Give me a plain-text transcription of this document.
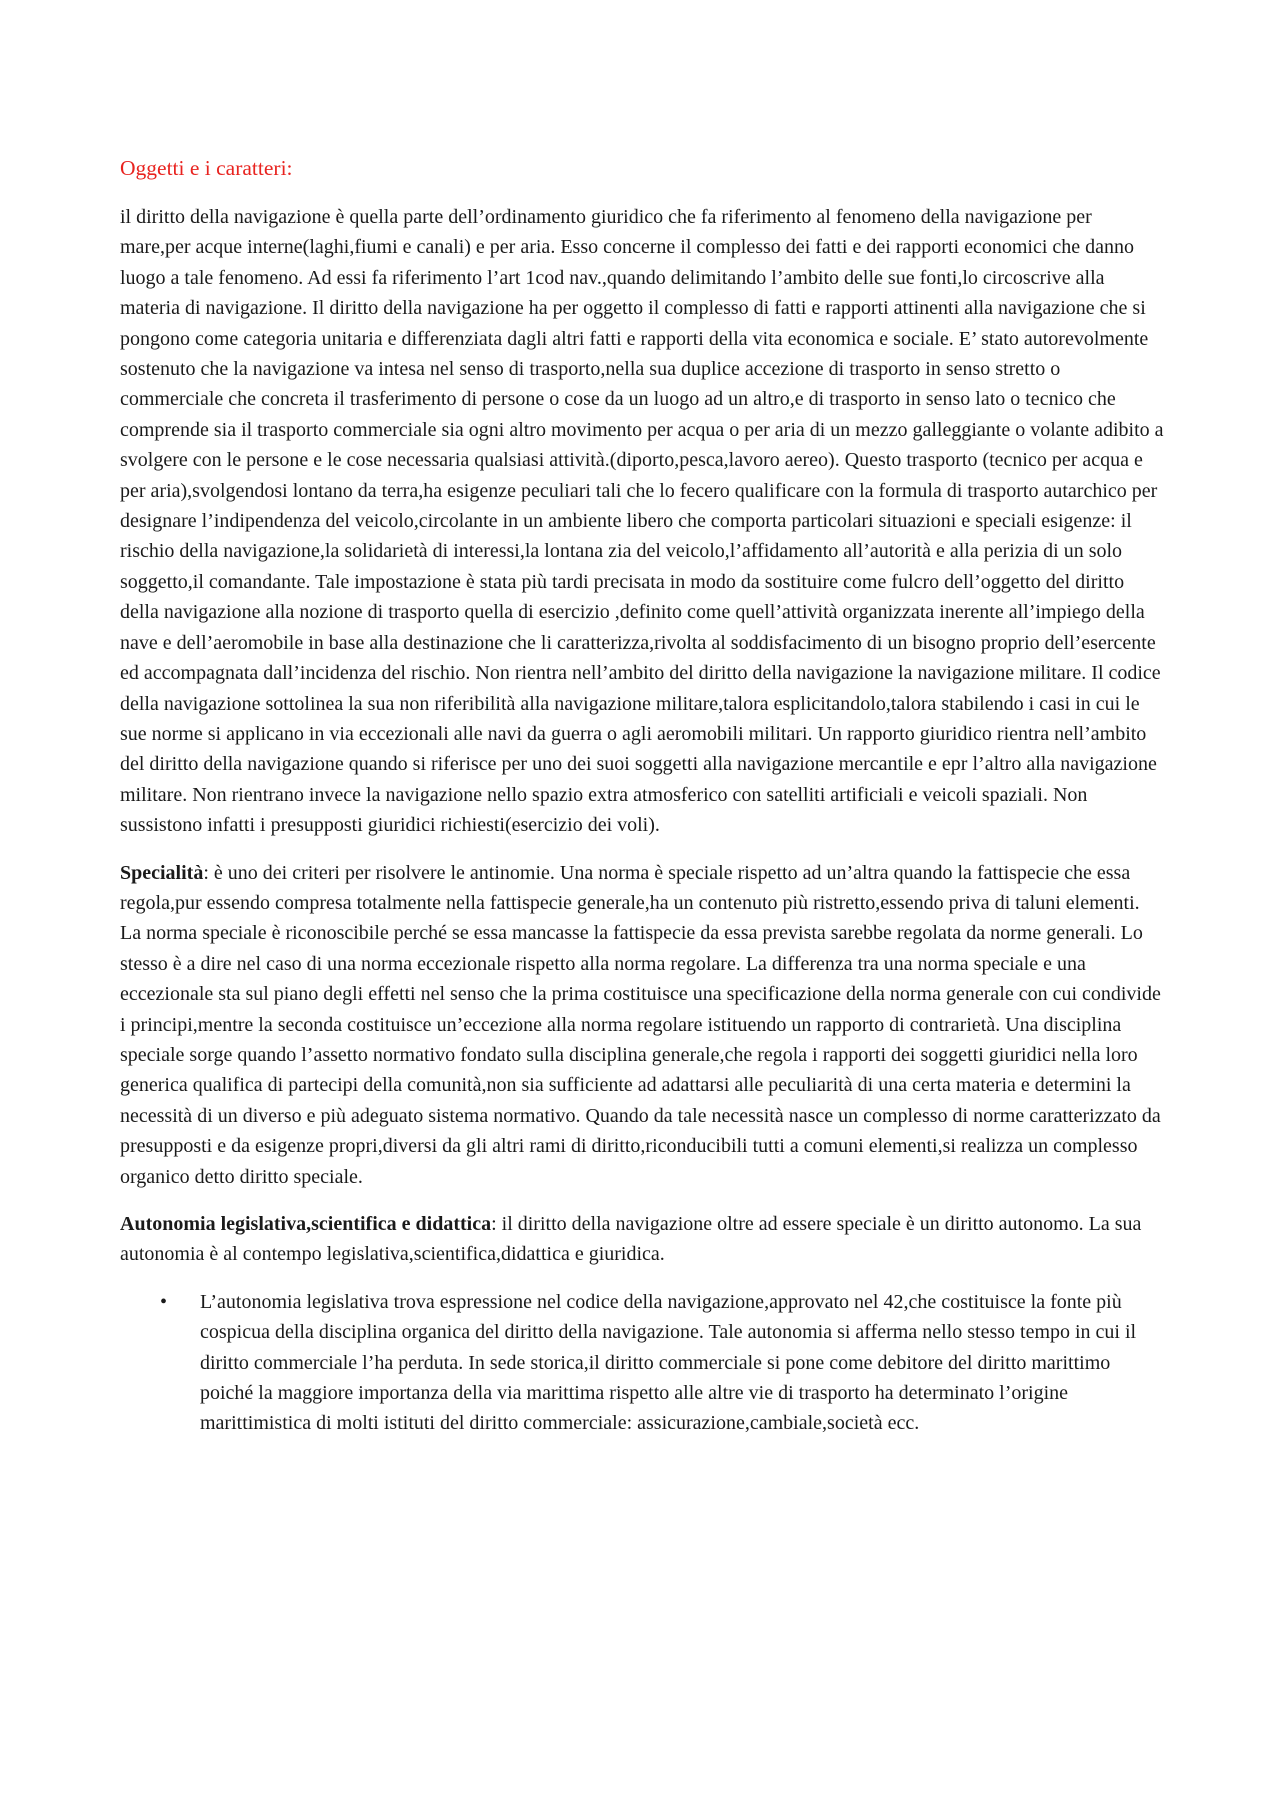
Oggetti e i caratteri:

il diritto della navigazione è quella parte dell’ordinamento giuridico che fa riferimento al fenomeno della navigazione per mare,per acque interne(laghi,fiumi e canali) e per aria. Esso concerne il complesso dei fatti e dei rapporti economici che danno luogo a tale fenomeno. Ad essi fa riferimento l’art 1cod nav.,quando delimitando l’ambito delle sue fonti,lo circoscrive alla materia di navigazione. Il diritto della navigazione ha per oggetto il complesso di fatti e rapporti attinenti alla navigazione che si pongono come categoria unitaria e differenziata dagli altri fatti e rapporti della vita economica e sociale. E’ stato autorevolmente sostenuto che la navigazione va intesa nel senso di trasporto,nella sua duplice accezione di trasporto in senso stretto o commerciale che concreta il trasferimento di persone o cose da un luogo ad un altro,e di trasporto in senso lato o tecnico che comprende sia il trasporto commerciale sia ogni altro movimento per acqua o per aria di un mezzo galleggiante o volante adibito a svolgere con le persone e le cose necessaria qualsiasi attività.(diporto,pesca,lavoro aereo). Questo trasporto (tecnico per acqua e per aria),svolgendosi lontano da terra,ha esigenze peculiari tali che lo fecero qualificare con la formula di trasporto autarchico per designare l’indipendenza del veicolo,circolante in un ambiente libero che comporta particolari situazioni e speciali esigenze: il rischio della navigazione,la solidarietà di interessi,la lontana zia del veicolo,l’affidamento all’autorità e alla perizia di un solo soggetto,il comandante. Tale impostazione è stata più tardi precisata in modo da sostituire come fulcro dell’oggetto del diritto della navigazione alla nozione di trasporto quella di esercizio ,definito come quell’attività organizzata inerente all’impiego della nave e dell’aeromobile in base alla destinazione che li caratterizza,rivolta al soddisfacimento di un bisogno proprio dell’esercente ed accompagnata dall’incidenza del rischio. Non rientra nell’ambito del diritto della navigazione la navigazione militare. Il codice della navigazione sottolinea la sua non riferibilità alla navigazione militare,talora esplicitandolo,talora stabilendo i casi in cui le sue norme si applicano in via eccezionali alle navi da guerra o agli aeromobili militari. Un rapporto giuridico rientra nell’ambito del diritto della navigazione quando si riferisce per uno dei suoi soggetti alla navigazione mercantile e epr l’altro alla navigazione militare. Non rientrano invece la navigazione nello spazio extra atmosferico con satelliti artificiali e veicoli spaziali. Non sussistono infatti i presupposti giuridici richiesti(esercizio dei voli).

Specialità: è uno dei criteri per risolvere le antinomie. Una norma è speciale rispetto ad un’altra quando la fattispecie che essa regola,pur essendo compresa totalmente nella fattispecie generale,ha un contenuto più ristretto,essendo priva di taluni elementi. La norma speciale è riconoscibile perché se essa mancasse la fattispecie da essa prevista sarebbe regolata da norme generali. Lo stesso è a dire nel caso di una norma eccezionale rispetto alla norma regolare. La differenza tra una norma speciale e una eccezionale sta sul piano degli effetti nel senso che la prima costituisce una specificazione della norma generale con cui condivide i principi,mentre la seconda costituisce un’eccezione alla norma regolare istituendo un rapporto di contrarietà. Una disciplina speciale sorge quando l’assetto normativo fondato sulla disciplina generale,che regola i rapporti dei soggetti giuridici nella loro generica qualifica di partecipi della comunità,non sia sufficiente ad adattarsi alle peculiarità di una certa materia e determini la necessità di un diverso e più adeguato sistema normativo. Quando da tale necessità nasce un complesso di norme caratterizzato da presupposti e da esigenze propri,diversi da gli altri rami di diritto,riconducibili tutti a comuni elementi,si realizza un complesso organico detto diritto speciale.

Autonomia legislativa,scientifica e didattica: il diritto della navigazione oltre ad essere speciale è un diritto autonomo. La sua autonomia è al contempo legislativa,scientifica,didattica e giuridica.

• L’autonomia legislativa trova espressione nel codice della navigazione,approvato nel 42,che costituisce la fonte più cospicua della disciplina organica del diritto della navigazione. Tale autonomia si afferma nello stesso tempo in cui il diritto commerciale l’ha perduta. In sede storica,il diritto commerciale si pone come debitore del diritto marittimo poiché la maggiore importanza della via marittima rispetto alle altre vie di trasporto ha determinato l’origine marittimistica di molti istituti del diritto commerciale: assicurazione,cambiale,società ecc.
